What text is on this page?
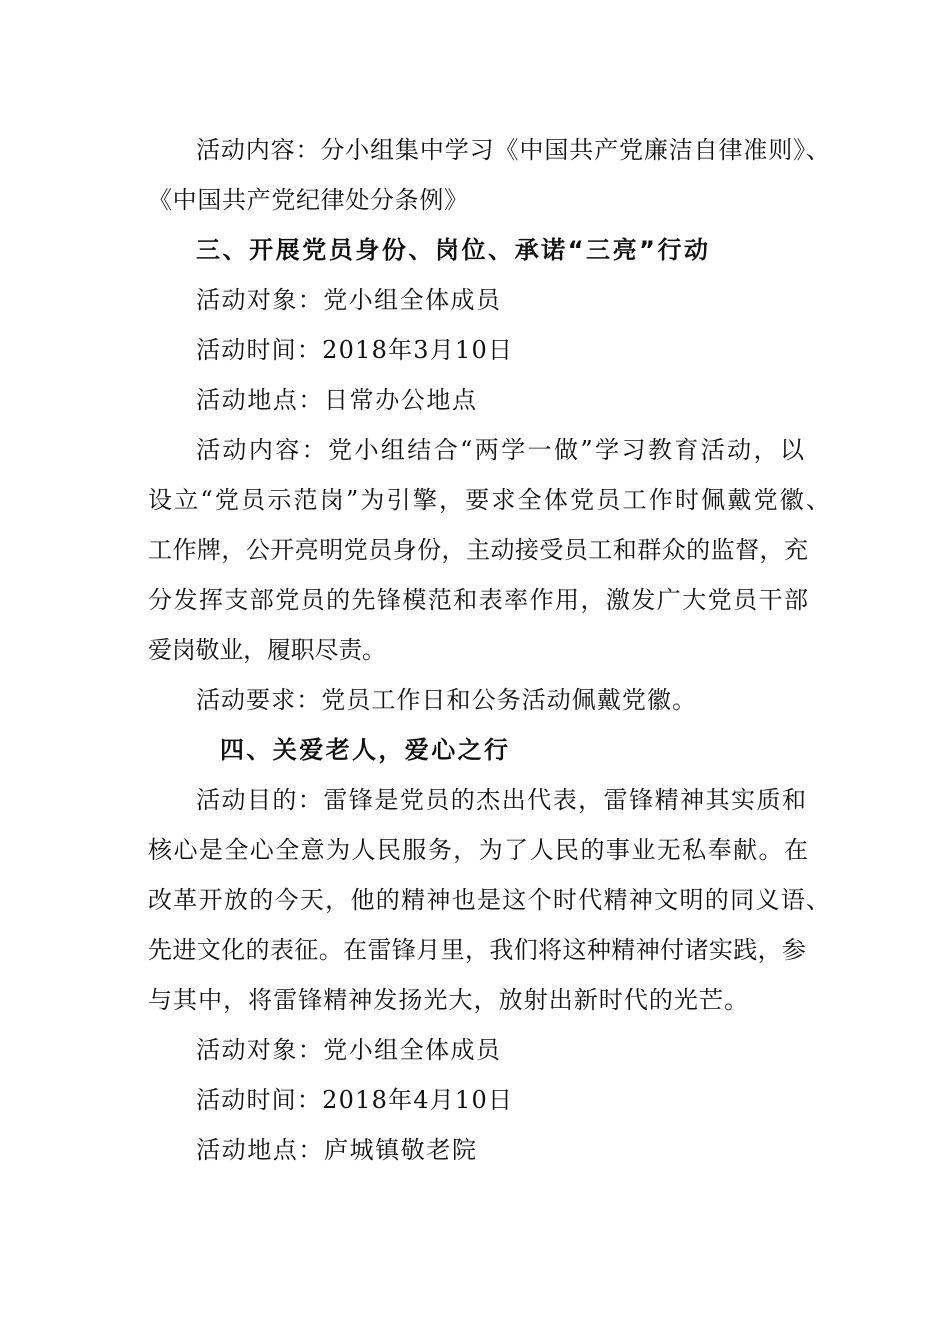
活动内容：分小组集中学习《中国共产党廉洁自律准则》、
《中国共产党纪律处分条例》
三、开展党员身份、岗位、承诺“三亮”行动
活动对象：党小组全体成员
活动时间：2018年3月10日
活动地点：日常办公地点
活动内容：党小组结合“两学一做”学习教育活动，以
设立“党员示范岗”为引擎，要求全体党员工作时佩戴党徽、
工作牌，公开亮明党员身份，主动接受员工和群众的监督，充
分发挥支部党员的先锋模范和表率作用，激发广大党员干部
爱岗敬业，履职尽责。
活动要求：党员工作日和公务活动佩戴党徽。
四、关爱老人，爱心之行
活动目的：雷锋是党员的杰出代表，雷锋精神其实质和
核心是全心全意为人民服务，为了人民的事业无私奉献。在
改革开放的今天，他的精神也是这个时代精神文明的同义语、
先进文化的表征。在雷锋月里，我们将这种精神付诸实践，参
与其中，将雷锋精神发扬光大，放射出新时代的光芒。
活动对象：党小组全体成员
活动时间：2018年4月10日
活动地点：庐城镇敬老院
